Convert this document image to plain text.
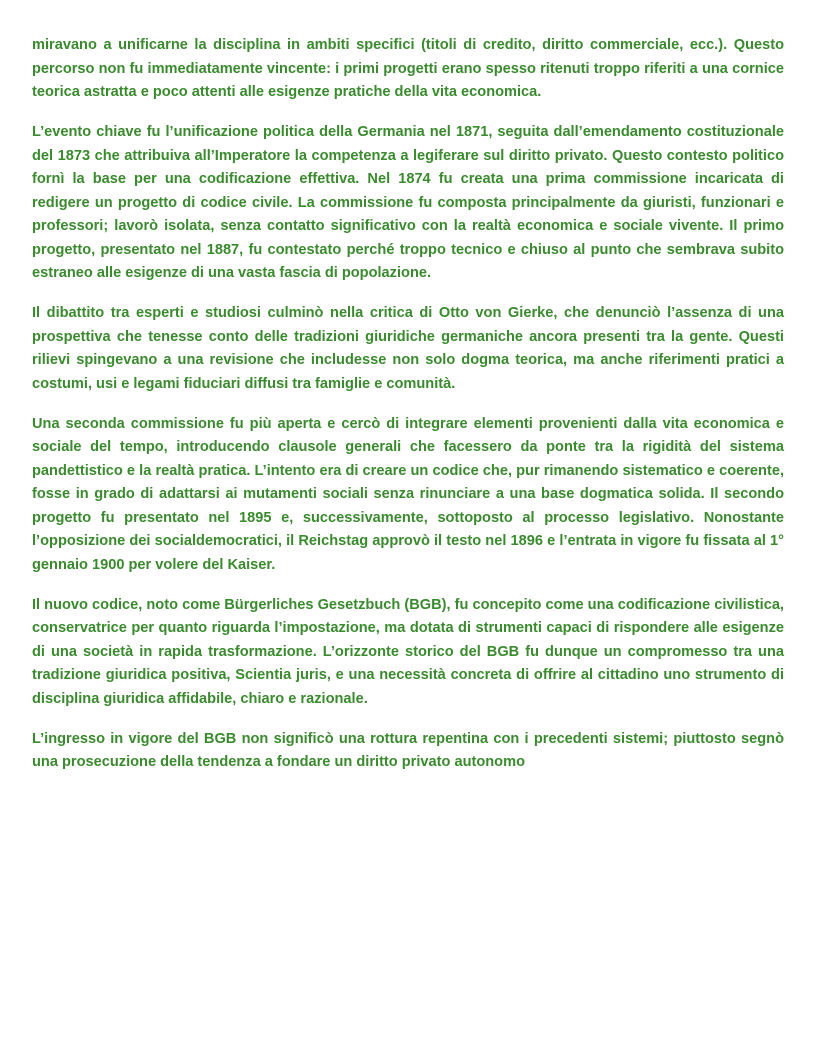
miravano a unificarne la disciplina in ambiti specifici (titoli di credito, diritto commerciale, ecc.). Questo percorso non fu immediatamente vincente: i primi progetti erano spesso ritenuti troppo riferiti a una cornice teorica astratta e poco attenti alle esigenze pratiche della vita economica.

L’evento chiave fu l’unificazione politica della Germania nel 1871, seguita dall’emendamento costituzionale del 1873 che attribuiva all’Imperatore la competenza a legiferare sul diritto privato. Questo contesto politico fornì la base per una codificazione effettiva. Nel 1874 fu creata una prima commissione incaricata di redigere un progetto di codice civile. La commissione fu composta principalmente da giuristi, funzionari e professori; lavorò isolata, senza contatto significativo con la realtà economica e sociale vivente. Il primo progetto, presentato nel 1887, fu contestato perché troppo tecnico e chiuso al punto che sembrava subito estraneo alle esigenze di una vasta fascia di popolazione.

Il dibattito tra esperti e studiosi culminò nella critica di Otto von Gierke, che denunciò l’assenza di una prospettiva che tenesse conto delle tradizioni giuridiche germaniche ancora presenti tra la gente. Questi rilievi spingevano a una revisione che includesse non solo dogma teorica, ma anche riferimenti pratici a costumi, usi e legami fiduciari diffusi tra famiglie e comunità.

Una seconda commissione fu più aperta e cercò di integrare elementi provenienti dalla vita economica e sociale del tempo, introducendo clausole generali che facessero da ponte tra la rigidità del sistema pandettistico e la realtà pratica. L’intento era di creare un codice che, pur rimanendo sistematico e coerente, fosse in grado di adattarsi ai mutamenti sociali senza rinunciare a una base dogmatica solida. Il secondo progetto fu presentato nel 1895 e, successivamente, sottoposto al processo legislativo. Nonostante l’opposizione dei socialdemocratici, il Reichstag approvò il testo nel 1896 e l’entrata in vigore fu fissata al 1° gennaio 1900 per volere del Kaiser.

Il nuovo codice, noto come Bürgerliches Gesetzbuch (BGB), fu concepito come una codificazione civilistica, conservatrice per quanto riguarda l’impostazione, ma dotata di strumenti capaci di rispondere alle esigenze di una società in rapida trasformazione. L’orizzonte storico del BGB fu dunque un compromesso tra una tradizione giuridica positiva, Scientia juris, e una necessità concreta di offrire al cittadino uno strumento di disciplina giuridica affidabile, chiaro e razionale.

L’ingresso in vigore del BGB non significò una rottura repentina con i precedenti sistemi; piuttosto segnò una prosecuzione della tendenza a fondare un diritto privato autonomo
